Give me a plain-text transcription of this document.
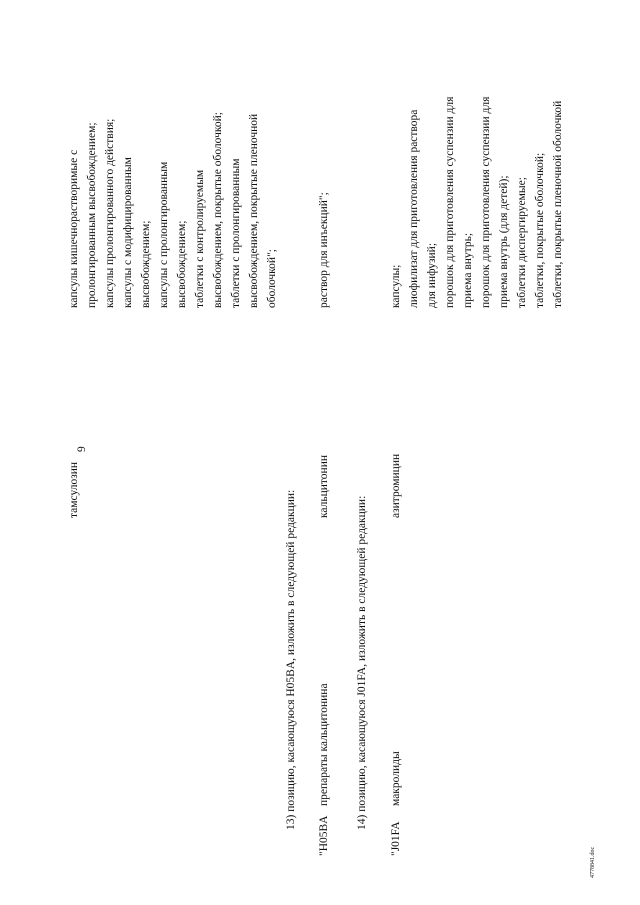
9
тамсулозин
капсулы кишечнорастворимые с пролонгированным высвобождением; капсулы пролонгированного действия; капсулы с модифицированным высвобождением; капсулы с пролонгированным высвобождением; таблетки с контролируемым высвобождением, покрытые оболочкой; таблетки с пролонгированным высвобождением, покрытые пленочной оболочкой";
13) позицию, касающуюся H05BA, изложить в следующей редакции:
"H05BA
препараты кальцитонина
кальцитонин
раствор для инъекций";
14) позицию, касающуюся J01FA, изложить в следующей редакции:
"J01FA
макролиды
азитромицин
капсулы; лиофилизат для приготовления раствора для инфузий; порошок для приготовления суспензии для приема внутрь; порошок для приготовления суспензии для приема внутрь (для детей); таблетки диспергируемые; таблетки, покрытые оболочкой; таблетки, покрытые пленочной оболочкой
4778841.doc
